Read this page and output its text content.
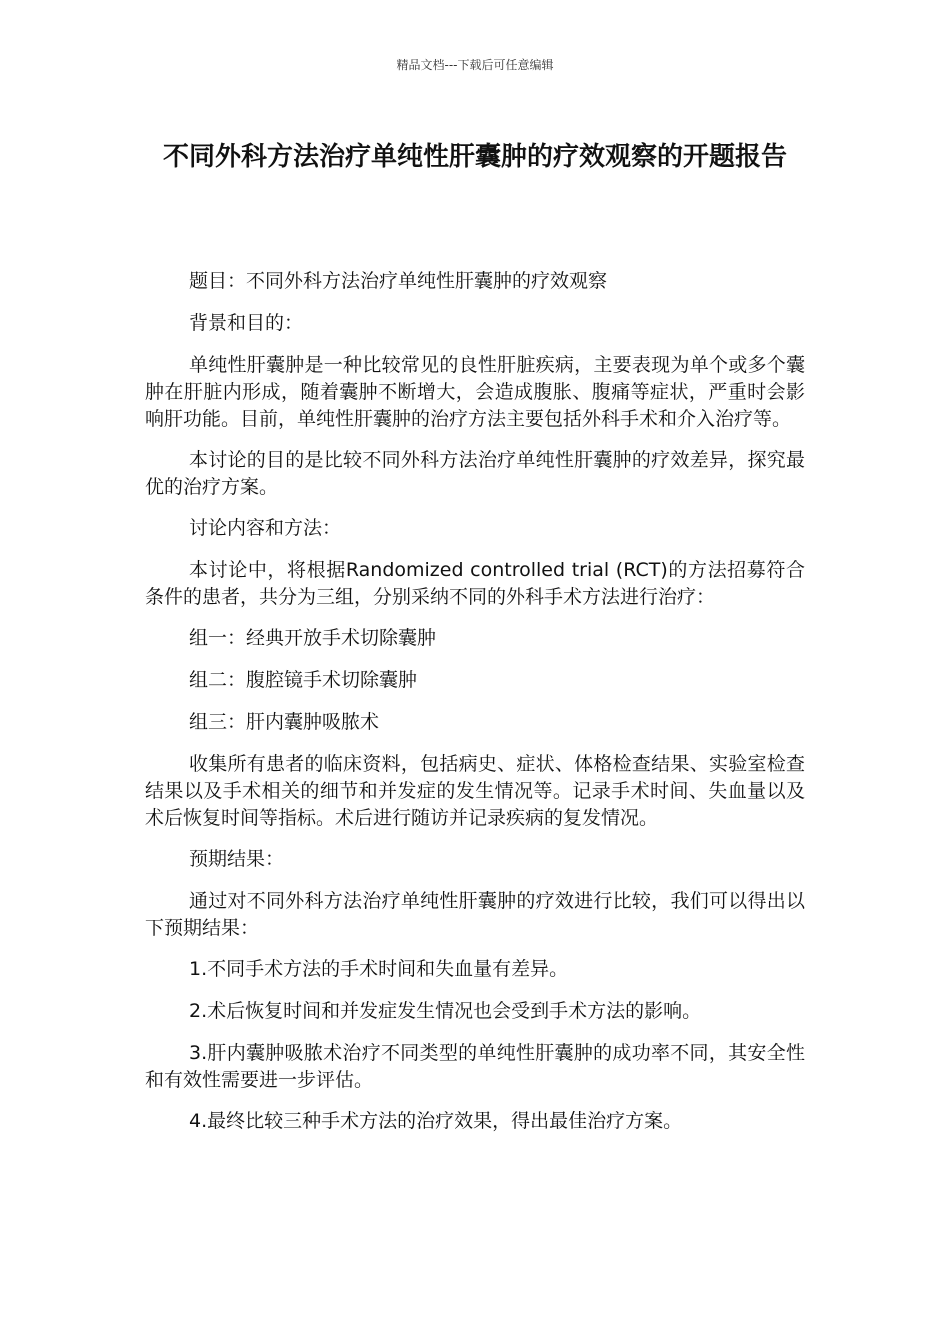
精品文档---下载后可任意编辑
不同外科方法治疗单纯性肝囊肿的疗效观察的开题报告

题目：不同外科方法治疗单纯性肝囊肿的疗效观察

背景和目的：

单纯性肝囊肿是一种比较常见的良性肝脏疾病，主要表现为单个或多个囊肿在肝脏内形成，随着囊肿不断增大，会造成腹胀、腹痛等症状，严重时会影响肝功能。目前，单纯性肝囊肿的治疗方法主要包括外科手术和介入治疗等。

本讨论的目的是比较不同外科方法治疗单纯性肝囊肿的疗效差异，探究最优的治疗方案。

讨论内容和方法：

本讨论中，将根据Randomized controlled trial (RCT)的方法招募符合条件的患者，共分为三组，分别采纳不同的外科手术方法进行治疗：

组一：经典开放手术切除囊肿

组二：腹腔镜手术切除囊肿

组三：肝内囊肿吸脓术

收集所有患者的临床资料，包括病史、症状、体格检查结果、实验室检查结果以及手术相关的细节和并发症的发生情况等。记录手术时间、失血量以及术后恢复时间等指标。术后进行随访并记录疾病的复发情况。

预期结果：

通过对不同外科方法治疗单纯性肝囊肿的疗效进行比较，我们可以得出以下预期结果：

1.不同手术方法的手术时间和失血量有差异。

2.术后恢复时间和并发症发生情况也会受到手术方法的影响。

3.肝内囊肿吸脓术治疗不同类型的单纯性肝囊肿的成功率不同，其安全性和有效性需要进一步评估。

4.最终比较三种手术方法的治疗效果，得出最佳治疗方案。
